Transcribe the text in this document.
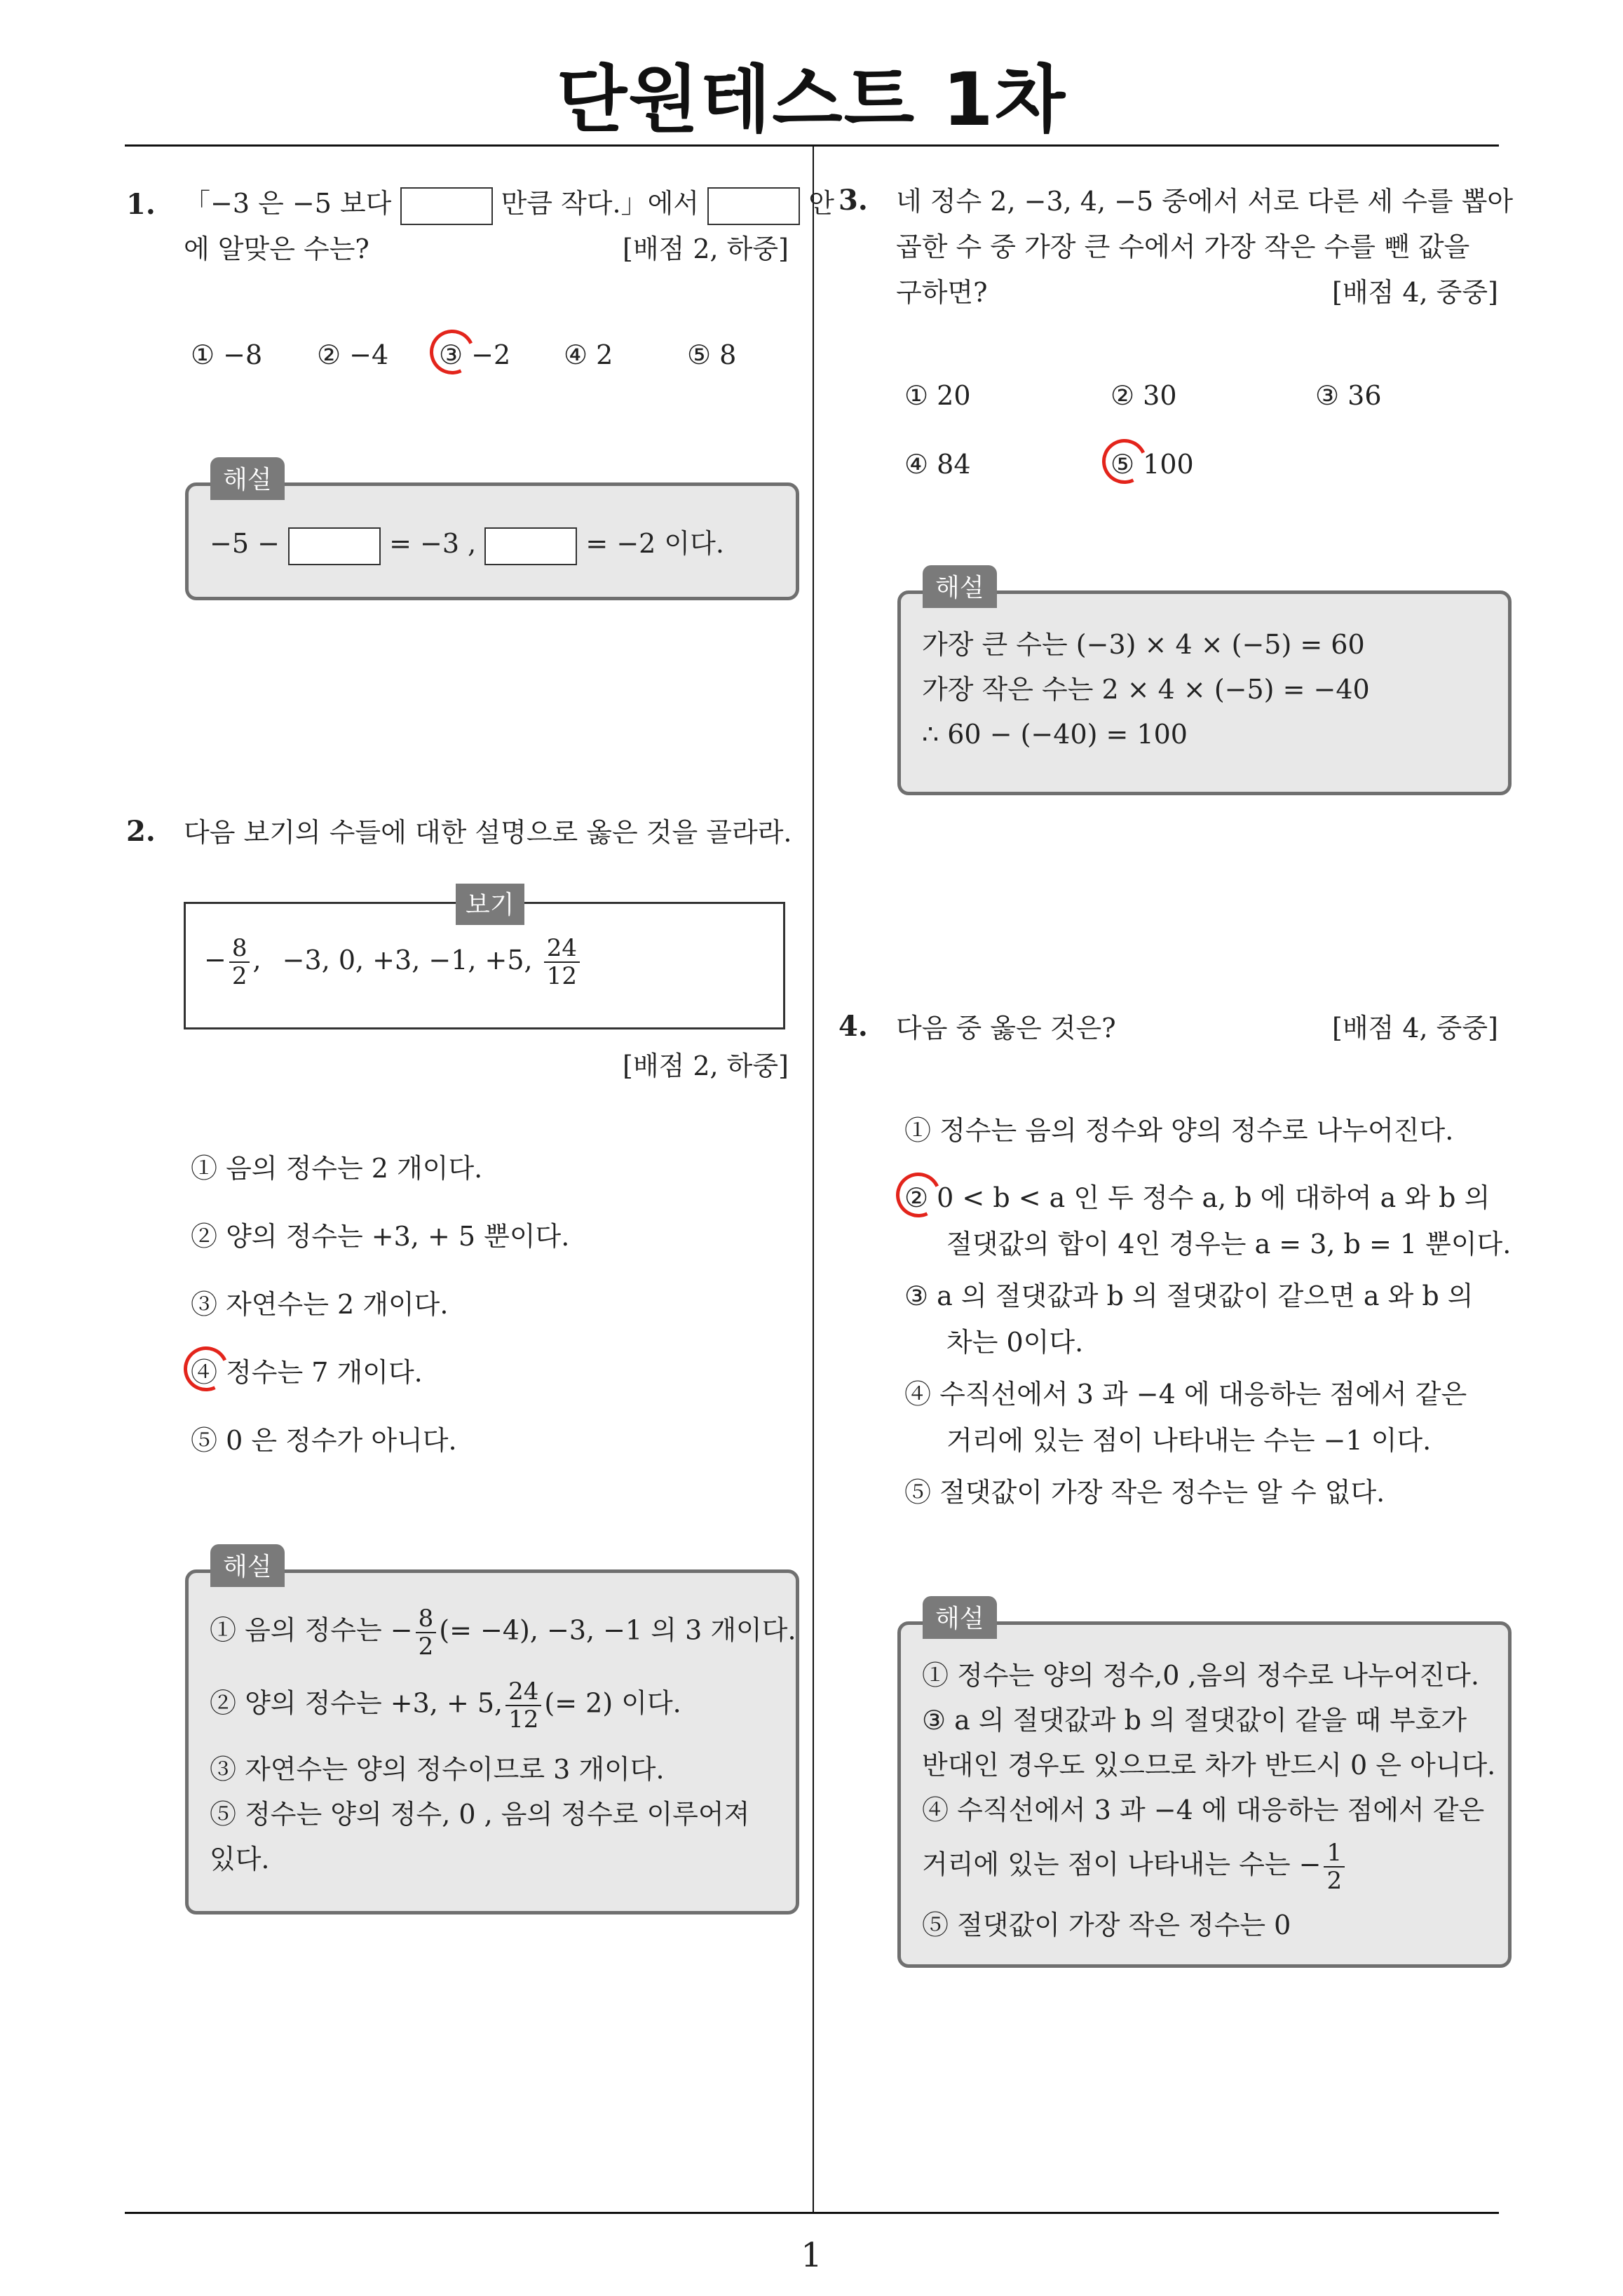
단원테스트 1차
1. 「−3 은 −5 보다	만큼 작다.」에서	안
에 알맞은 수는?	[배점 2, 하중]
① −8 ② −4 ③ −2 ④ 2	⑤ 8
−5 −	= −3 ,	= −2 이다.
해설
2. 다음 보기의 수들에 대한 설명으로 옳은 것을 골라라.
− $\frac{8}{2}$ , −3, 0, +3, −1, +5, $\frac{24}{12}$
보기
[배점 2, 하중]
① 음의 정수는 2 개이다.
② 양의 정수는 +3, + 5 뿐이다.
③ 자연수는 2 개이다.
④ 정수는 7 개이다.
⑤ 0 은 정수가 아니다.
① 음의 정수는 − $\frac{8}{2}$ (= −4), −3, −1 의 3 개이다.
② 양의 정수는 +3, + 5, $\frac{24}{12}$ (= 2) 이다.
③ 자연수는 양의 정수이므로 3 개이다.
⑤ 정수는 양의 정수, 0 , 음의 정수로 이루어져
있다.
해설
3. 네 정수 2, −3, 4, −5 중에서 서로 다른 세 수를 뽑아
곱한 수 중 가장 큰 수에서 가장 작은 수를 뺀 값을
구하면?	[배점 4, 중중]
① 20	② 30	③ 36
④ 84	⑤ 100
가장 큰 수는 (−3) × 4 × (−5) = 60
가장 작은 수는 2 × 4 × (−5) = −40
∴ 60 − (−40) = 100
해설
4. 다음 중 옳은 것은?	[배점 4, 중중]
① 정수는 음의 정수와 양의 정수로 나누어진다.
② 0 < b < a 인 두 정수 a, b 에 대하여 a 와 b 의
절댓값의 합이 4인 경우는 a = 3, b = 1 뿐이다.
③ a 의 절댓값과 b 의 절댓값이 같으면 a 와 b 의
차는 0이다.
④ 수직선에서 3 과 −4 에 대응하는 점에서 같은
거리에 있는 점이 나타내는 수는 −1 이다.
⑤ 절댓값이 가장 작은 정수는 알 수 없다.
① 정수는 양의 정수,0 ,음의 정수로 나누어진다.
③ a 의 절댓값과 b 의 절댓값이 같을 때 부호가
반대인 경우도 있으므로 차가 반드시 0 은 아니다.
④ 수직선에서 3 과 −4 에 대응하는 점에서 같은
거리에 있는 점이 나타내는 수는 − $\frac{1}{2}$
⑤ 절댓값이 가장 작은 정수는 0
해설
1
